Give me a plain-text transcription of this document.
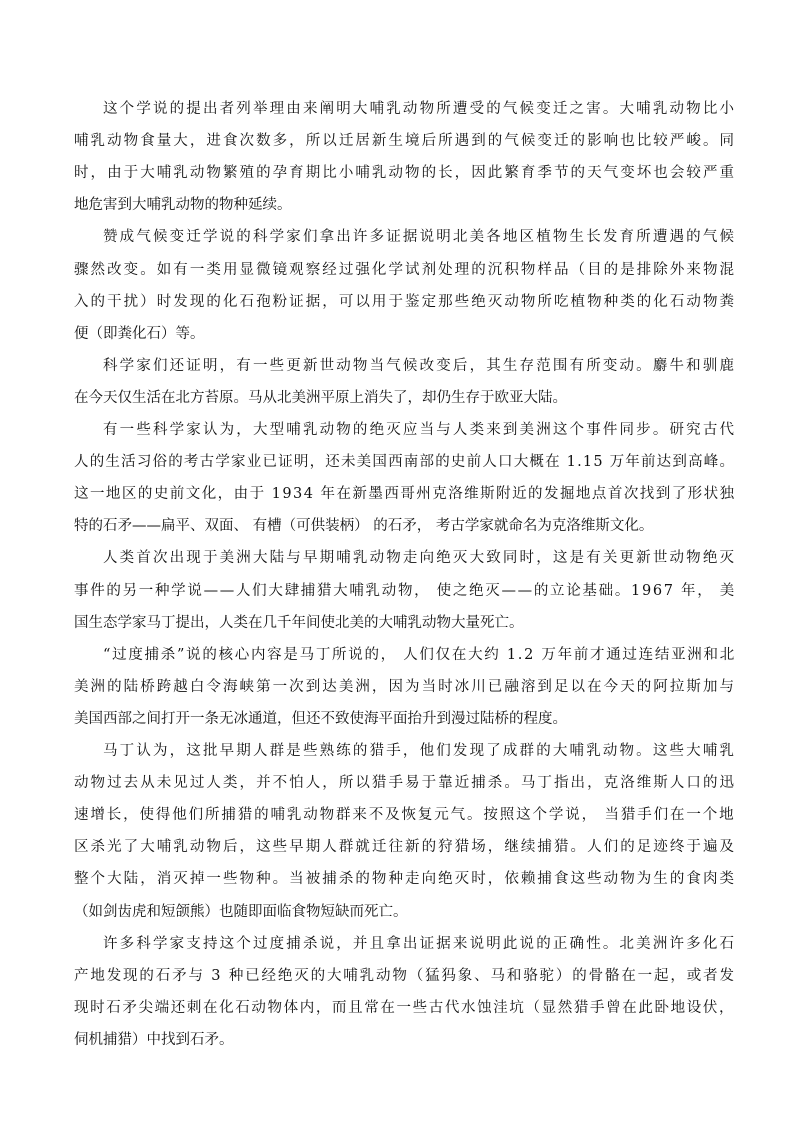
这个学说的提出者列举理由来阐明大哺乳动物所遭受的气候变迁之害。大哺乳动物比小
哺乳动物食量大，进食次数多，所以迁居新生境后所遇到的气候变迁的影响也比较严峻。同
时，由于大哺乳动物繁殖的孕育期比小哺乳动物的长，因此繁育季节的天气变坏也会较严重
地危害到大哺乳动物的物种延续。
赞成气候变迁学说的科学家们拿出许多证据说明北美各地区植物生长发育所遭遇的气候
骤然改变。如有一类用显微镜观察经过强化学试剂处理的沉积物样品（目的是排除外来物混
入的干扰）时发现的化石孢粉证据，可以用于鉴定那些绝灭动物所吃植物种类的化石动物粪
便（即粪化石）等。
科学家们还证明，有一些更新世动物当气候改变后，其生存范围有所变动。麝牛和驯鹿
在今天仅生活在北方苔原。马从北美洲平原上消失了，却仍生存于欧亚大陆。
有一些科学家认为，大型哺乳动物的绝灭应当与人类来到美洲这个事件同步。研究古代
人的生活习俗的考古学家业已证明，还未美国西南部的史前人口大概在 1.15 万年前达到高峰。
这一地区的史前文化，由于 1934 年在新墨西哥州克洛维斯附近的发掘地点首次找到了形状独
特的石矛——扁平、双面、 有槽（可供装柄） 的石矛， 考古学家就命名为克洛维斯文化。
人类首次出现于美洲大陆与早期哺乳动物走向绝灭大致同时，这是有关更新世动物绝灭
事件的另一种学说——人们大肆捕猎大哺乳动物， 使之绝灭——的立论基础。1967 年， 美
国生态学家马丁提出，人类在几千年间使北美的大哺乳动物大量死亡。
“过度捕杀”说的核心内容是马丁所说的， 人们仅在大约 1.2 万年前才通过连结亚洲和北
美洲的陆桥跨越白令海峡第一次到达美洲，因为当时冰川已融溶到足以在今天的阿拉斯加与
美国西部之间打开一条无冰通道，但还不致使海平面抬升到漫过陆桥的程度。
马丁认为，这批早期人群是些熟练的猎手，他们发现了成群的大哺乳动物。这些大哺乳
动物过去从未见过人类，并不怕人，所以猎手易于靠近捕杀。马丁指出，克洛维斯人口的迅
速增长，使得他们所捕猎的哺乳动物群来不及恢复元气。按照这个学说， 当猎手们在一个地
区杀光了大哺乳动物后，这些早期人群就迁往新的狩猎场，继续捕猎。人们的足迹终于遍及
整个大陆，消灭掉一些物种。当被捕杀的物种走向绝灭时，依赖捕食这些动物为生的食肉类
（如剑齿虎和短颌熊）也随即面临食物短缺而死亡。
许多科学家支持这个过度捕杀说，并且拿出证据来说明此说的正确性。北美洲许多化石
产地发现的石矛与 3 种已经绝灭的大哺乳动物（猛犸象、马和骆驼）的骨骼在一起，或者发
现时石矛尖端还刺在化石动物体内，而且常在一些古代水蚀洼坑（显然猎手曾在此卧地设伏，
伺机捕猎）中找到石矛。
